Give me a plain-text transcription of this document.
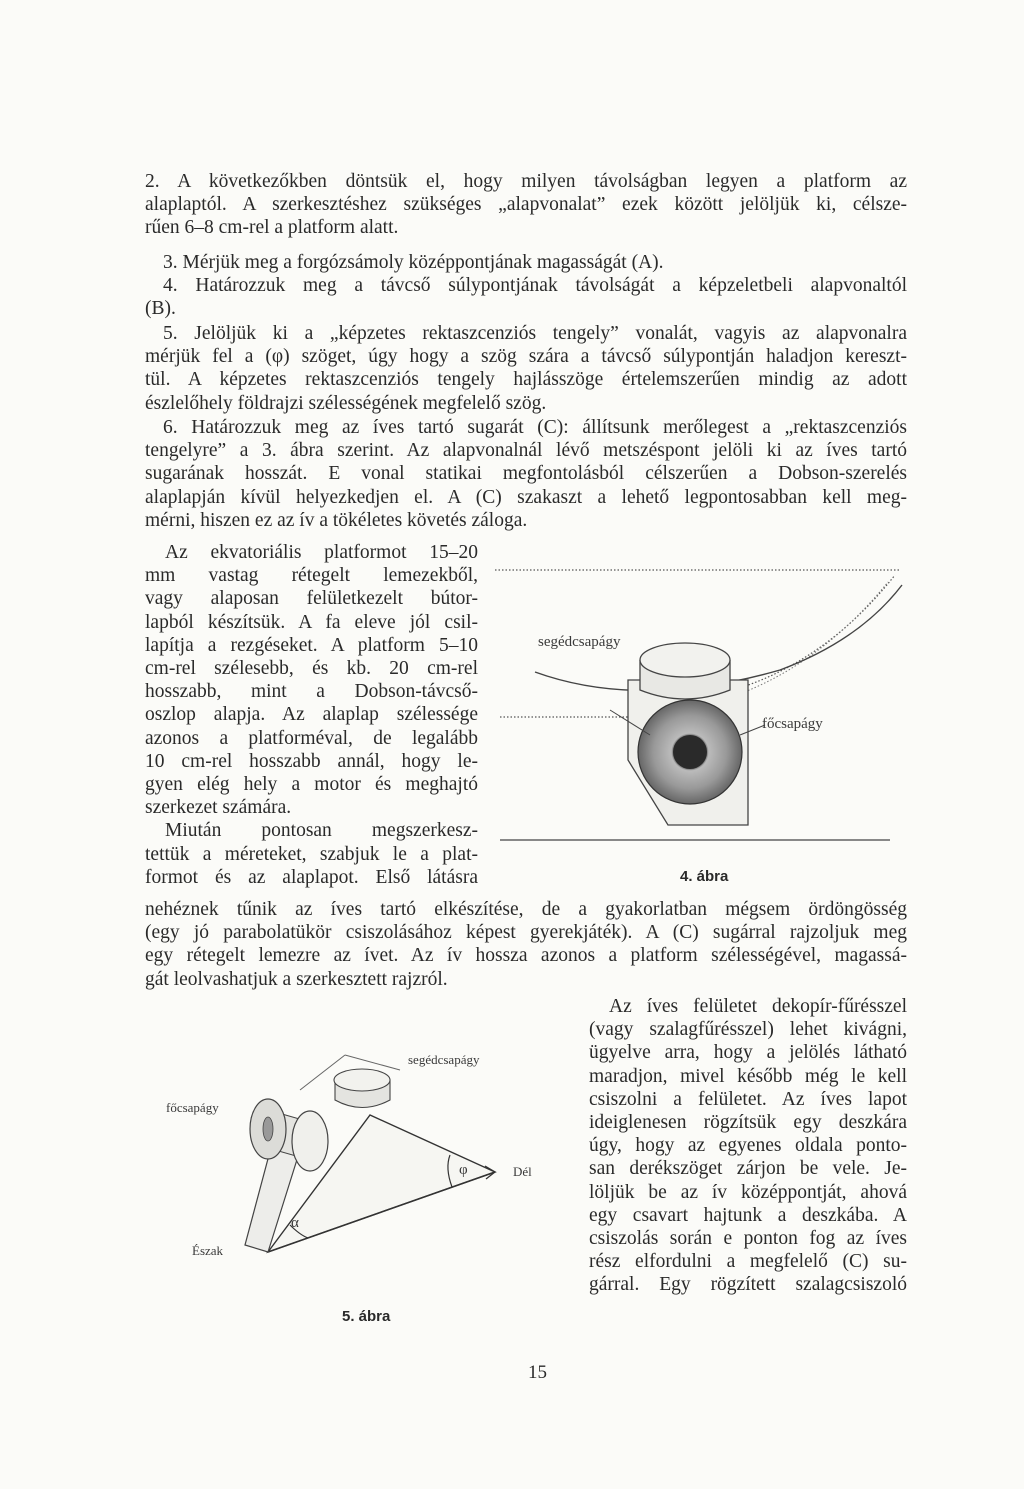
2. A következőkben döntsük el, hogy milyen távolságban legyen a platform az
alaplaptól. A szerkesztéshez szükséges „alapvonalat” ezek között jelöljük ki, célsze-
rűen 6–8 cm-rel a platform alatt.
3. Mérjük meg a forgózsámoly középpontjának magasságát (A).
4. Határozzuk meg a távcső súlypontjának távolságát a képzeletbeli alapvonaltól
(B).
5. Jelöljük ki a „képzetes rektaszcenziós tengely” vonalát, vagyis az alapvonalra
mérjük fel a (φ) szöget, úgy hogy a szög szára a távcső súlypontján haladjon kereszt-
tül. A képzetes rektaszcenziós tengely hajlásszöge értelemszerűen mindig az adott
észlelőhely földrajzi szélességének megfelelő szög.
6. Határozzuk meg az íves tartó sugarát (C): állítsunk merőlegest a „rektaszcenziós
tengelyre” a 3. ábra szerint. Az alapvonalnál lévő metszéspont jelöli ki az íves tartó
sugarának hosszát. E vonal statikai megfontolásból célszerűen a Dobson-szerelés
alaplapján kívül helyezkedjen el. A (C) szakaszt a lehető legpontosabban kell meg-
mérni, hiszen ez az ív a tökéletes követés záloga.
Az ekvatoriális platformot 15–20
mm vastag rétegelt lemezekből,
vagy alaposan felületkezelt bútor-
lapból készítsük. A fa eleve jól csil-
lapítja a rezgéseket. A platform 5–10
cm-rel szélesebb, és kb. 20 cm-rel
hosszabb, mint a Dobson-távcső-
oszlop alapja. Az alaplap szélessége
azonos a platforméval, de legalább
10 cm-rel hosszabb annál, hogy le-
gyen elég hely a motor és meghajtó
szerkezet számára.
Miután pontosan megszerkesz-
tettük a méreteket, szabjuk le a plat-
formot és az alaplapot. Első látásra
segédcsapágy
főcsapágy
4. ábra
nehéznek tűnik az íves tartó elkészítése, de a gyakorlatban mégsem ördöngösség
(egy jó parabolatükör csiszolásához képest gyerekjáték). A (C) sugárral rajzoljuk meg
egy rétegelt lemezre az ívet. Az ív hossza azonos a platform szélességével, magassá-
gát leolvashatjuk a szerkesztett rajzról.
Az íves felületet dekopír-fűrésszel
(vagy szalagfűrésszel) lehet kivágni,
ügyelve arra, hogy a jelölés látható
maradjon, mivel később még le kell
csiszolni a felületet. Az íves lapot
ideiglenesen rögzítsük egy deszkára
úgy, hogy az egyenes oldala ponto-
san derékszöget zárjon be vele. Je-
löljük be az ív középpontját, ahová
egy csavart hajtunk a deszkába. A
csiszolás során e ponton fog az íves
rész elfordulni a megfelelő (C) su-
gárral. Egy rögzített szalagcsiszoló
segédcsapágy
főcsapágy
Dél
Észak
α
φ
5. ábra
15
